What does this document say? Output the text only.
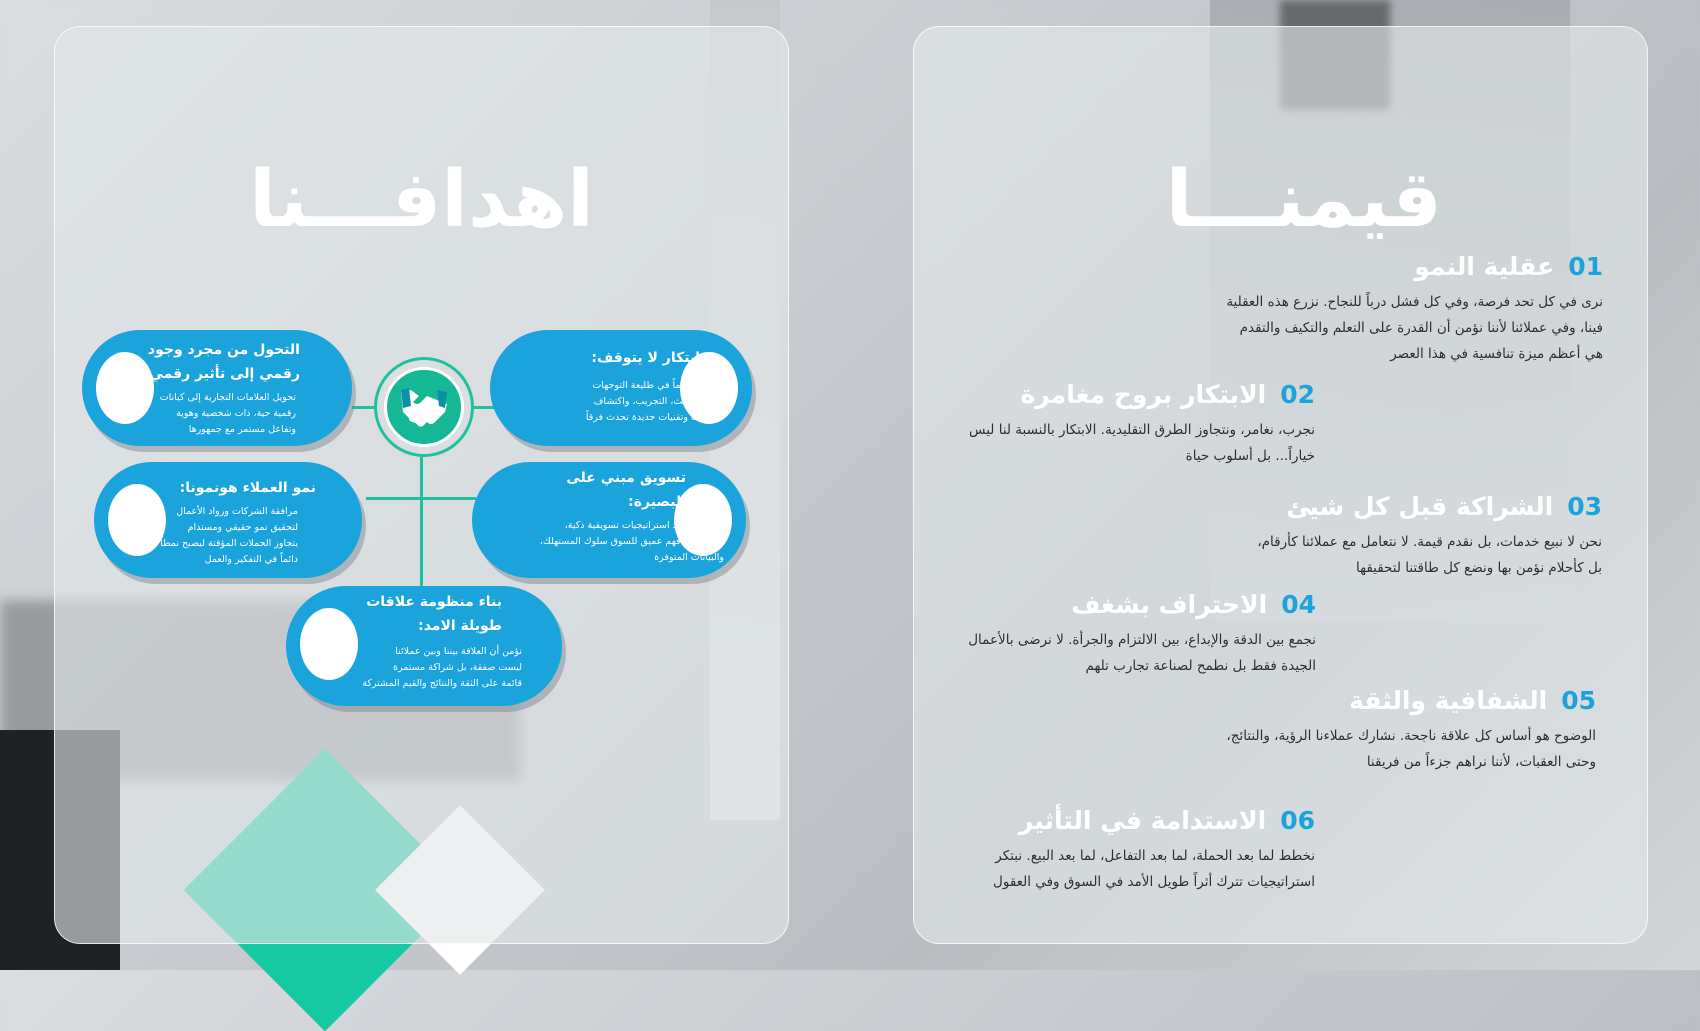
اهدافـــنا
ابتكار لا يتوقف:
البقاء دائماً في طليعة التوجهات
عبر البحث، التجريب، واكتشاف
أدوات وتقنيات جديدة تحدث فرقاً
التحول من مجرد وجود
رقمي إلى تأثير رقمي:
تحويل العلامات التجارية إلى كيانات
رقمية حية، ذات شخصية وهوية
وتفاعل مستمر مع جمهورها
تسويق مبني على
البصيرة:
تصميم وتنفيذ استراتيجيات تسويقية ذكية،
تعتمد على فهم عميق للسوق سلوك المستهلك،
والبيانات المتوفرة
نمو العملاء هونمونا:
مرافقة الشركات ورواد الأعمال
لتحقيق نمو حقيقي ومستدام
يتجاوز الحملات المؤقتة ليصبح نمطاً
دائماً في التفكير والعمل
بناء منظومة علاقات
طويلة الامد:
نؤمن أن العلاقة بيننا وبين عملائنا
ليست صفقة، بل شراكة مستمرة
قائمة على الثقة والنتائج والقيم المشتركة
قيمنـــا
01عقلية النمو
نرى في كل تحد فرصة، وفي كل فشل درباً للنجاح. نزرع هذه العقلية
فينا، وفي عملائنا لأننا نؤمن أن القدرة على التعلم والتكيف والتقدم
هي أعظم ميزة تنافسية في هذا العصر
02الابتكار بروح مغامرة
نجرب، نغامر، ونتجاوز الطرق التقليدية. الابتكار بالنسبة لنا ليس
خياراً... بل أسلوب حياة
03الشراكة قبل كل شيئ
نحن لا نبيع خدمات، بل نقدم قيمة. لا نتعامل مع عملائنا كأرقام،
بل كأحلام نؤمن بها ونضع كل طاقتنا لتحقيقها
04الاحتراف بشغف
نجمع بين الدقة والإبداع، بين الالتزام والجرأة. لا نرضى بالأعمال
الجيدة فقط بل نطمح لصناعة تجارب تلهم
05الشفافية والثقة
الوضوح هو أساس كل علاقة ناجحة. نشارك عملاءنا الرؤية، والنتائج،
وحتى العقبات، لأننا نراهم جزءاً من فريقنا
06الاستدامة في التأثير
نخطط لما بعد الحملة، لما بعد التفاعل، لما بعد البيع. نبتكر
استراتيجيات تترك أثراً طويل الأمد في السوق وفي العقول
